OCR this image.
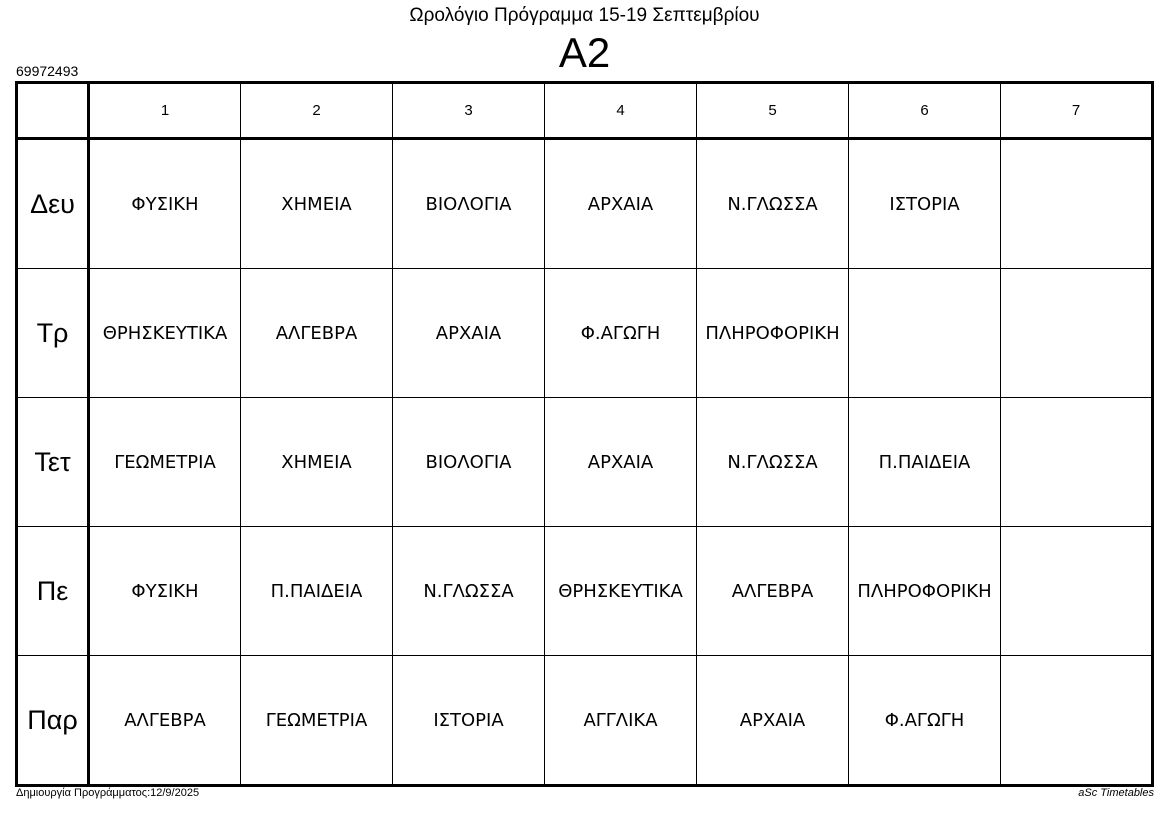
Ωρολόγιο Πρόγραμμα 15-19 Σεπτεμβρίου
A2
69972493
	1	2	3	4	5	6	7
Δευ	ΦΥΣΙΚΗ	ΧΗΜΕΙΑ	ΒΙΟΛΟΓΙΑ	ΑΡΧΑΙΑ	Ν.ΓΛΩΣΣΑ	ΙΣΤΟΡΙΑ	
Τρ	ΘΡΗΣΚΕΥΤΙΚΑ	ΑΛΓΕΒΡΑ	ΑΡΧΑΙΑ	Φ.ΑΓΩΓΗ	ΠΛΗΡΟΦΟΡΙΚΗ		
Τετ	ΓΕΩΜΕΤΡΙΑ	ΧΗΜΕΙΑ	ΒΙΟΛΟΓΙΑ	ΑΡΧΑΙΑ	Ν.ΓΛΩΣΣΑ	Π.ΠΑΙΔΕΙΑ	
Πε	ΦΥΣΙΚΗ	Π.ΠΑΙΔΕΙΑ	Ν.ΓΛΩΣΣΑ	ΘΡΗΣΚΕΥΤΙΚΑ	ΑΛΓΕΒΡΑ	ΠΛΗΡΟΦΟΡΙΚΗ	
Παρ	ΑΛΓΕΒΡΑ	ΓΕΩΜΕΤΡΙΑ	ΙΣΤΟΡΙΑ	ΑΓΓΛΙΚΑ	ΑΡΧΑΙΑ	Φ.ΑΓΩΓΗ	
Δημιουργία Προγράμματος:12/9/2025	aSc Timetables
